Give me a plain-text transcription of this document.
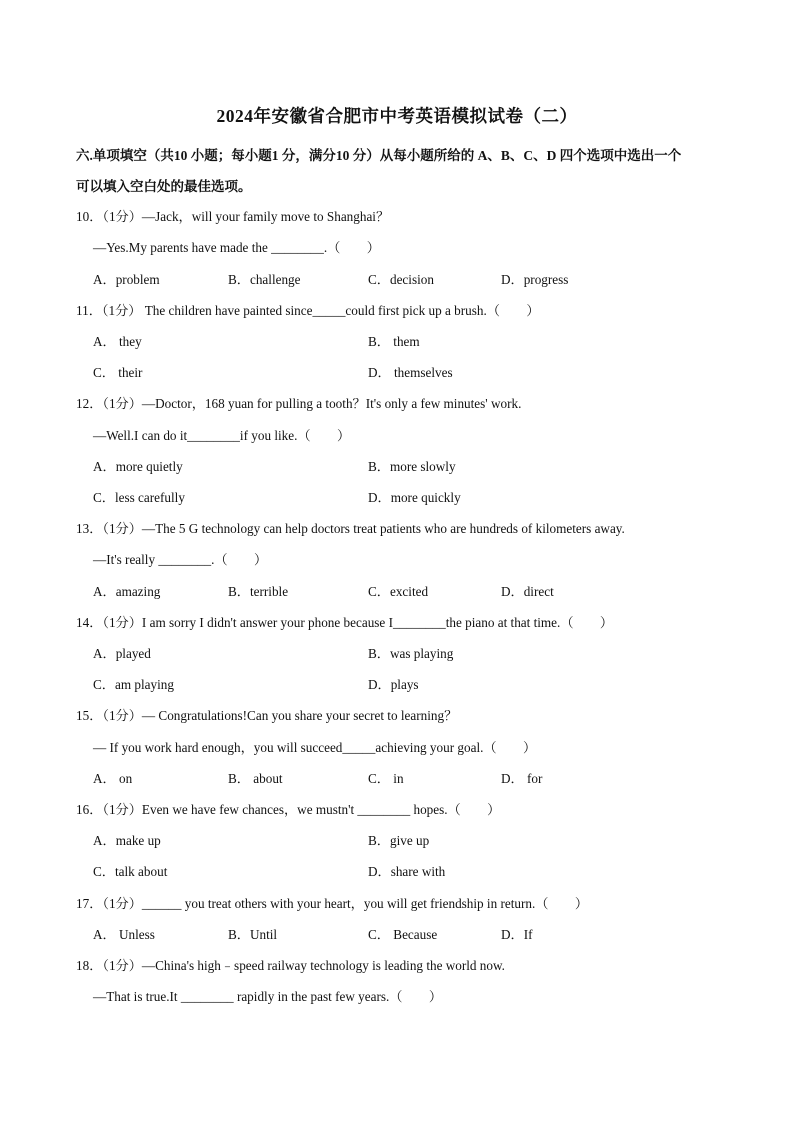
2024年安徽省合肥市中考英语模拟试卷（二）
六.单项填空（共10 小题；每小题1 分，满分10 分）从每小题所给的 A、B、C、D 四个选项中选出一个
可以填入空白处的最佳选项。
10．（1分）—Jack，will your family move to Shanghai？
—Yes.My parents have made the ________.（　　）
A．problem	B．challenge	C．decision	D．progress
11．（1分） The children have painted since_____could first pick up a brush.（　　）
A． they	B． them
C． their	D． themselves
12．（1分）—Doctor，168 yuan for pulling a tooth？It's only a few minutes' work.
—Well.I can do it________if you like.（　　）
A．more quietly	B．more slowly
C．less carefully	D．more quickly
13．（1分）—The 5 G technology can help doctors treat patients who are hundreds of kilometers away.
—It's really ________.（　　）
A．amazing	B．terrible	C．excited	D．direct
14．（1分）I am sorry I didn't answer your phone because I________the piano at that time.（　　）
A．played	B．was playing
C．am playing	D．plays
15．（1分）— Congratulations!Can you share your secret to learning？
— If you work hard enough，you will succeed_____achieving your goal.（　　）
A． on	B． about	C． in	D． for
16．（1分）Even we have few chances，we mustn't ________ hopes.（　　）
A．make up	B．give up
C．talk about	D．share with
17．（1分）______ you treat others with your heart，you will get friendship in return.（　　）
A． Unless	B．Until	C． Because	D．If
18．（1分）—China's high﹣speed railway technology is leading the world now.
—That is true.It ________ rapidly in the past few years.（　　）
